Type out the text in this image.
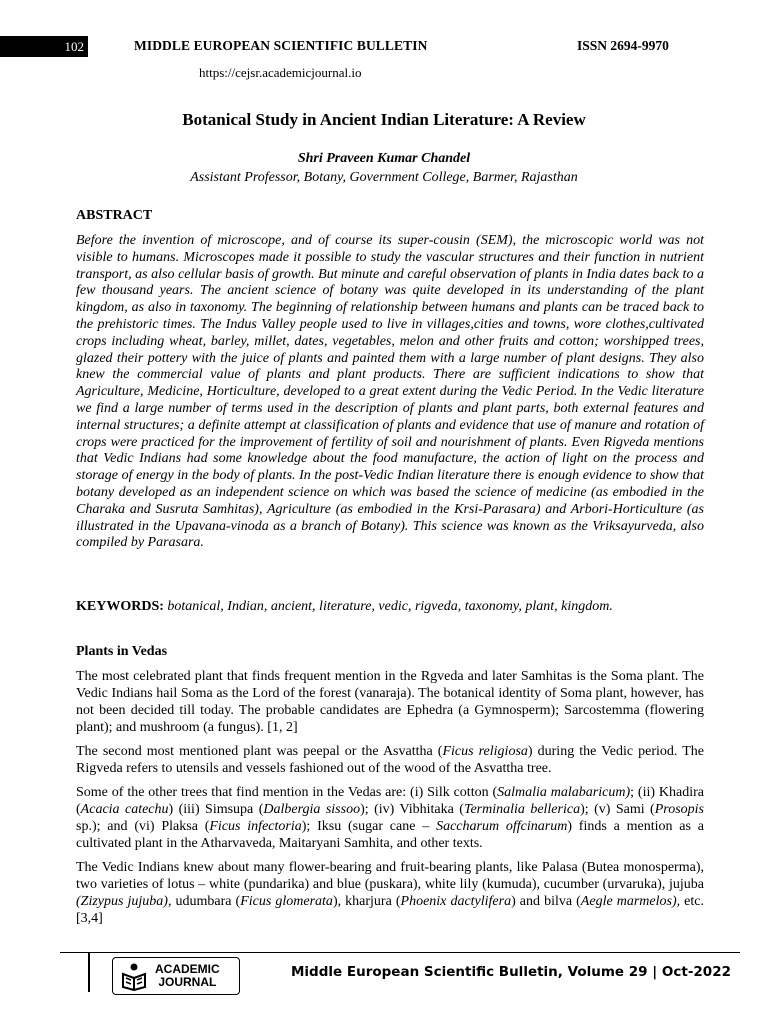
102	MIDDLE EUROPEAN SCIENTIFIC BULLETIN	ISSN 2694-9970
https://cejsr.academicjournal.io
Botanical Study in Ancient Indian Literature: A Review
Shri Praveen Kumar Chandel
Assistant Professor, Botany, Government College, Barmer, Rajasthan
ABSTRACT

Before the invention of microscope, and of course its super-cousin (SEM), the microscopic world was not visible to humans. Microscopes made it possible to study the vascular structures and their function in nutrient transport, as also cellular basis of growth. But minute and careful observation of plants in India dates back to a few thousand years. The ancient science of botany was quite developed in its understanding of the plant kingdom, as also in taxonomy. The beginning of relationship between humans and plants can be traced back to the prehistoric times. The Indus Valley people used to live in villages,cities and towns, wore clothes,cultivated crops including wheat, barley, millet, dates, vegetables, melon and other fruits and cotton; worshipped trees, glazed their pottery with the juice of plants and painted them with a large number of plant designs. They also knew the commercial value of plants and plant products. There are sufficient indications to show that Agriculture, Medicine, Horticulture, developed to a great extent during the Vedic Period. In the Vedic literature we find a large number of terms used in the description of plants and plant parts, both external features and internal structures; a definite attempt at classification of plants and evidence that use of manure and rotation of crops were practiced for the improvement of fertility of soil and nourishment of plants. Even Rigveda mentions that Vedic Indians had some knowledge about the food manufacture, the action of light on the process and storage of energy in the body of plants. In the post-Vedic Indian literature there is enough evidence to show that botany developed as an independent science on which was based the science of medicine (as embodied in the Charaka and Susruta Samhitas), Agriculture (as embodied in the Krsi-Parasara) and Arbori-Horticulture (as illustrated in the Upavana-vinoda as a branch of Botany). This science was known as the Vriksayurveda, also compiled by Parasara.

KEYWORDS: botanical, Indian, ancient, literature, vedic, rigveda, taxonomy, plant, kingdom.

Plants in Vedas

The most celebrated plant that finds frequent mention in the Rgveda and later Samhitas is the Soma plant. The Vedic Indians hail Soma as the Lord of the forest (vanaraja). The botanical identity of Soma plant, however, has not been decided till today. The probable candidates are Ephedra (a Gymnosperm); Sarcostemma (flowering plant); and mushroom (a fungus). [1, 2]

The second most mentioned plant was peepal or the Asvattha (Ficus religiosa) during the Vedic period. The Rigveda refers to utensils and vessels fashioned out of the wood of the Asvattha tree.

Some of the other trees that find mention in the Vedas are: (i) Silk cotton (Salmalia malabaricum); (ii) Khadira (Acacia catechu) (iii) Simsupa (Dalbergia sissoo); (iv) Vibhitaka (Terminalia bellerica); (v) Sami (Prosopis sp.); and (vi) Plaksa (Ficus infectoria); Iksu (sugar cane – Saccharum offcinarum) finds a mention as a cultivated plant in the Atharvaveda, Maitaryani Samhita, and other texts.

The Vedic Indians knew about many flower-bearing and fruit-bearing plants, like Palasa (Butea monosperma), two varieties of lotus – white (pundarika) and blue (puskara), white lily (kumuda), cucumber (urvaruka), jujuba (Zizypus jujuba), udumbara (Ficus glomerata), kharjura (Phoenix dactylifera) and bilva (Aegle marmelos), etc.[3,4]

ACADEMIC
JOURNAL
Middle European Scientific Bulletin, Volume 29 | Oct-2022
